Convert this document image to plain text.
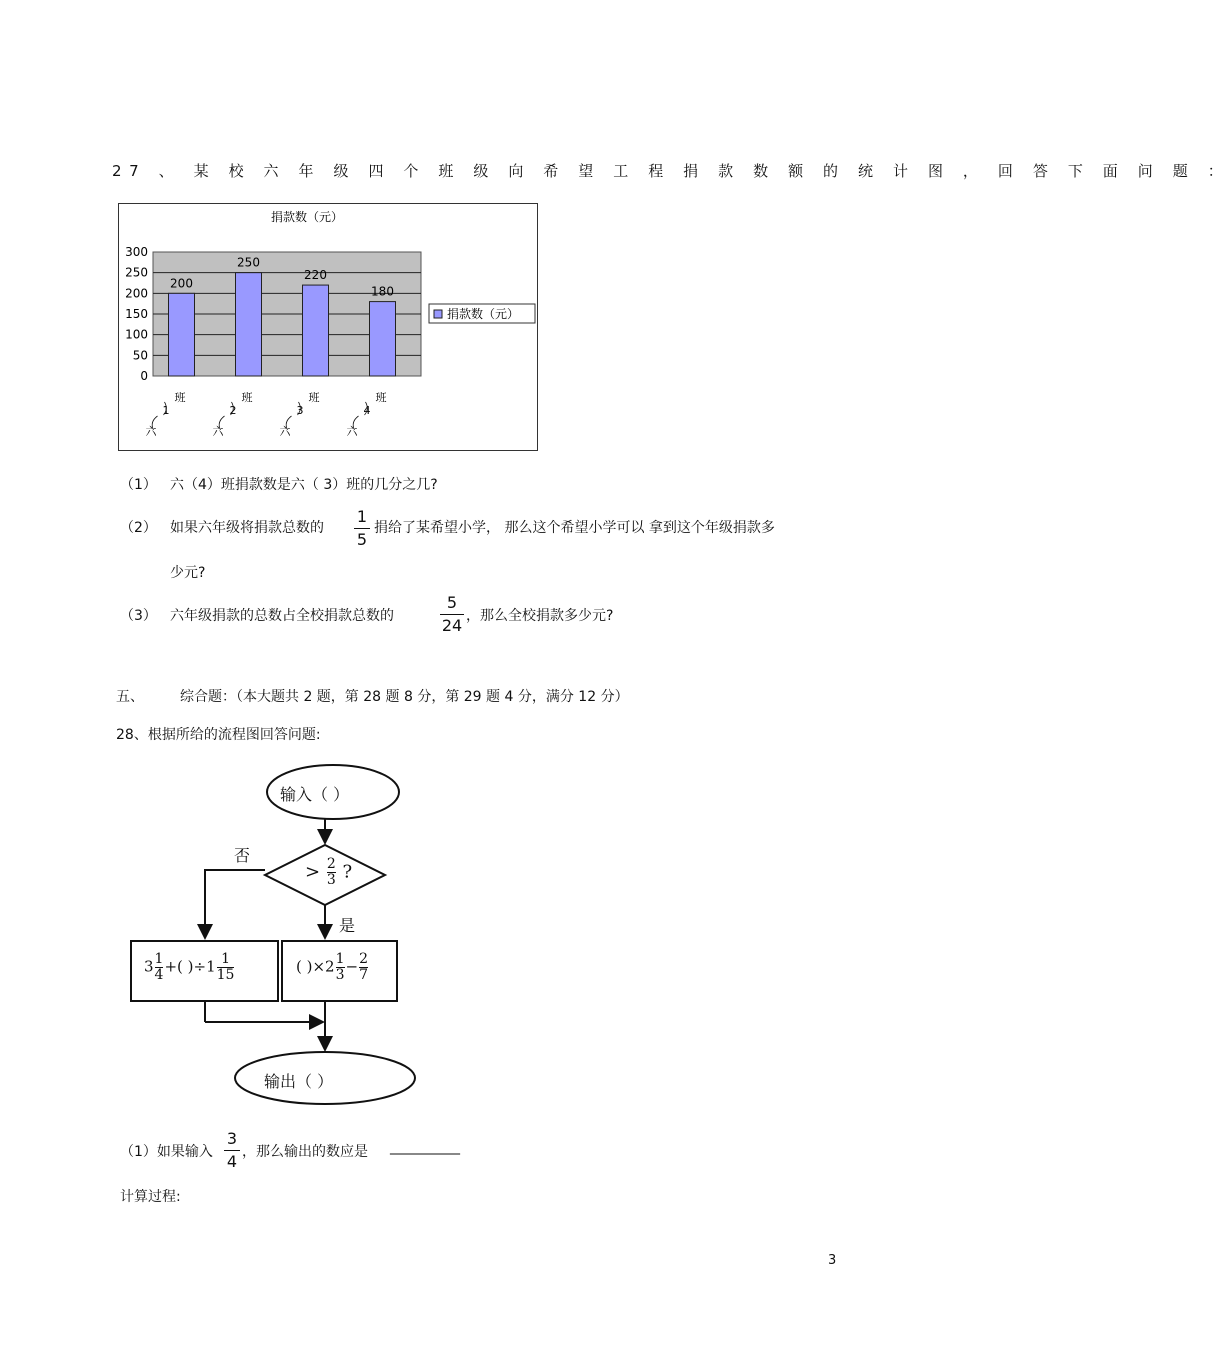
27 、 某 校 六 年 级 四 个 班 级 向 希 望 工 程 捐 款 数 额 的 统 计 图 ， 回 答 下 面 问 题 ：
捐款数（元）
0
50
100
150
200
250
300
200
六
1
班
250
六
2
班
220
六
3
班
180
六
4
班
捐款数（元）
（1） 六（4）班捐款数是六（ 3）班的几分之几?
（2） 如果六年级将捐款总数的
1
5
捐给了某希望小学， 那么这个希望小学可以 拿到这个年级捐款多
少元?
（3） 六年级捐款的总数占全校捐款总数的
5
24 ，那么全校捐款多少元?
五、	综合题：（本大题共 2 题，第 28 题 8 分，第 29 题 4 分，满分 12 分）
28、根据所给的流程图回答问题:
输入（ ）
否
是
> $\frac{2}{3}$ ?
$3 \frac{1}{4}$ +( )$\div 1 \frac{1}{15}$	( )$\times 2 \frac{1}{3} - \frac{2}{7}$
输出（ ）
（1）如果输入
3
4 ，那么输出的数应是 __________
计算过程:
3
